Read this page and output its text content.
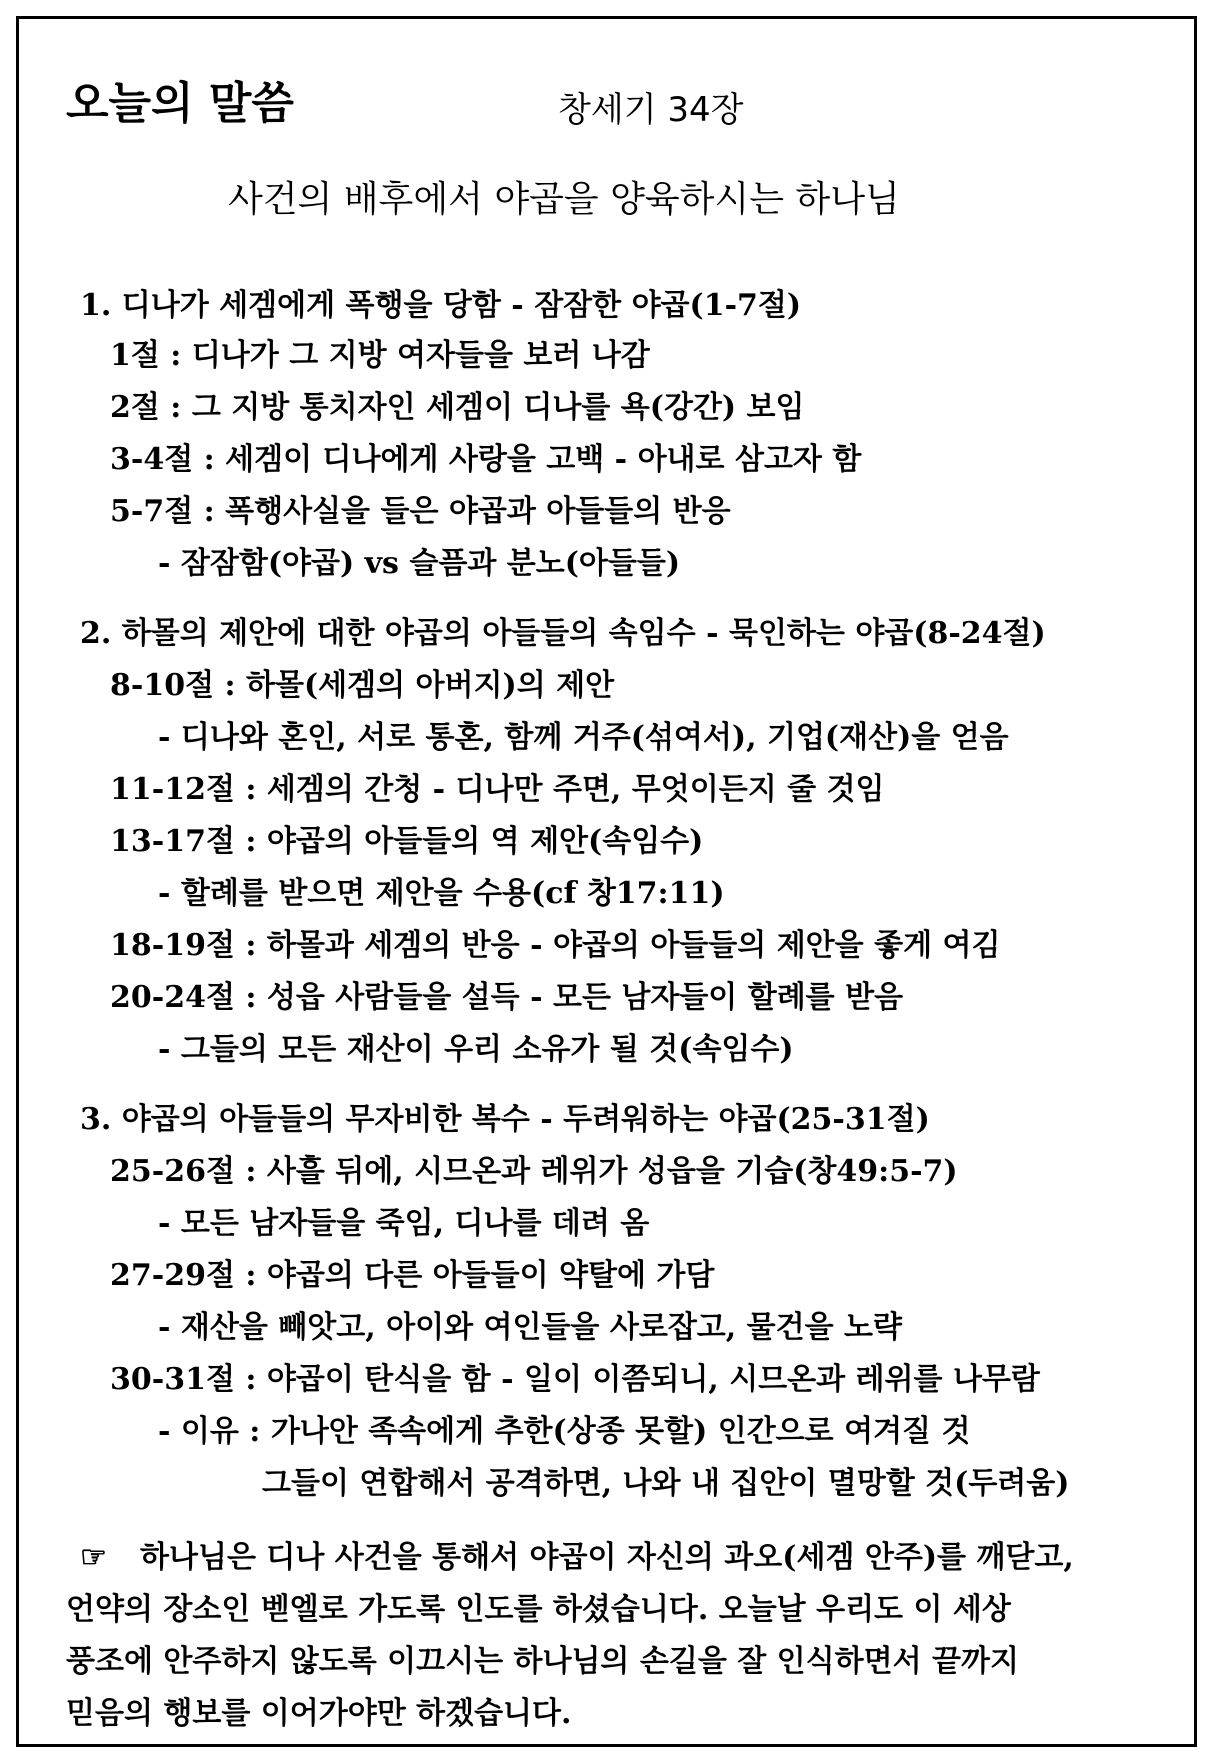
오늘의 말씀	창세기 34장
사건의 배후에서 야곱을 양육하시는 하나님
1. 디나가 세겜에게 폭행을 당함 - 잠잠한 야곱(1-7절)
1절 : 디나가 그 지방 여자들을 보러 나감
2절 : 그 지방 통치자인 세겜이 디나를 욕(강간) 보임
3-4절 : 세겜이 디나에게 사랑을 고백 - 아내로 삼고자 함
5-7절 : 폭행사실을 들은 야곱과 아들들의 반응
- 잠잠함(야곱) vs 슬픔과 분노(아들들)
2. 하몰의 제안에 대한 야곱의 아들들의 속임수 - 묵인하는 야곱(8-24절)
8-10절 : 하몰(세겜의 아버지)의 제안
- 디나와 혼인, 서로 통혼, 함께 거주(섞여서), 기업(재산)을 얻음
11-12절 : 세겜의 간청 - 디나만 주면, 무엇이든지 줄 것임
13-17절 : 야곱의 아들들의 역 제안(속임수)
- 할례를 받으면 제안을 수용(cf 창17:11)
18-19절 : 하몰과 세겜의 반응 - 야곱의 아들들의 제안을 좋게 여김
20-24절 : 성읍 사람들을 설득 - 모든 남자들이 할례를 받음
- 그들의 모든 재산이 우리 소유가 될 것(속임수)
3. 야곱의 아들들의 무자비한 복수 - 두려워하는 야곱(25-31절)
25-26절 : 사흘 뒤에, 시므온과 레위가 성읍을 기습(창49:5-7)
- 모든 남자들을 죽임, 디나를 데려 옴
27-29절 : 야곱의 다른 아들들이 약탈에 가담
- 재산을 빼앗고, 아이와 여인들을 사로잡고, 물건을 노략
30-31절 : 야곱이 탄식을 함 - 일이 이쯤되니, 시므온과 레위를 나무람
- 이유 : 가나안 족속에게 추한(상종 못할) 인간으로 여겨질 것
그들이 연합해서 공격하면, 나와 내 집안이 멸망할 것(두려움)
☞ 하나님은 디나 사건을 통해서 야곱이 자신의 과오(세겜 안주)를 깨닫고,
언약의 장소인 벧엘로 가도록 인도를 하셨습니다. 오늘날 우리도 이 세상
풍조에 안주하지 않도록 이끄시는 하나님의 손길을 잘 인식하면서 끝까지
믿음의 행보를 이어가야만 하겠습니다.
